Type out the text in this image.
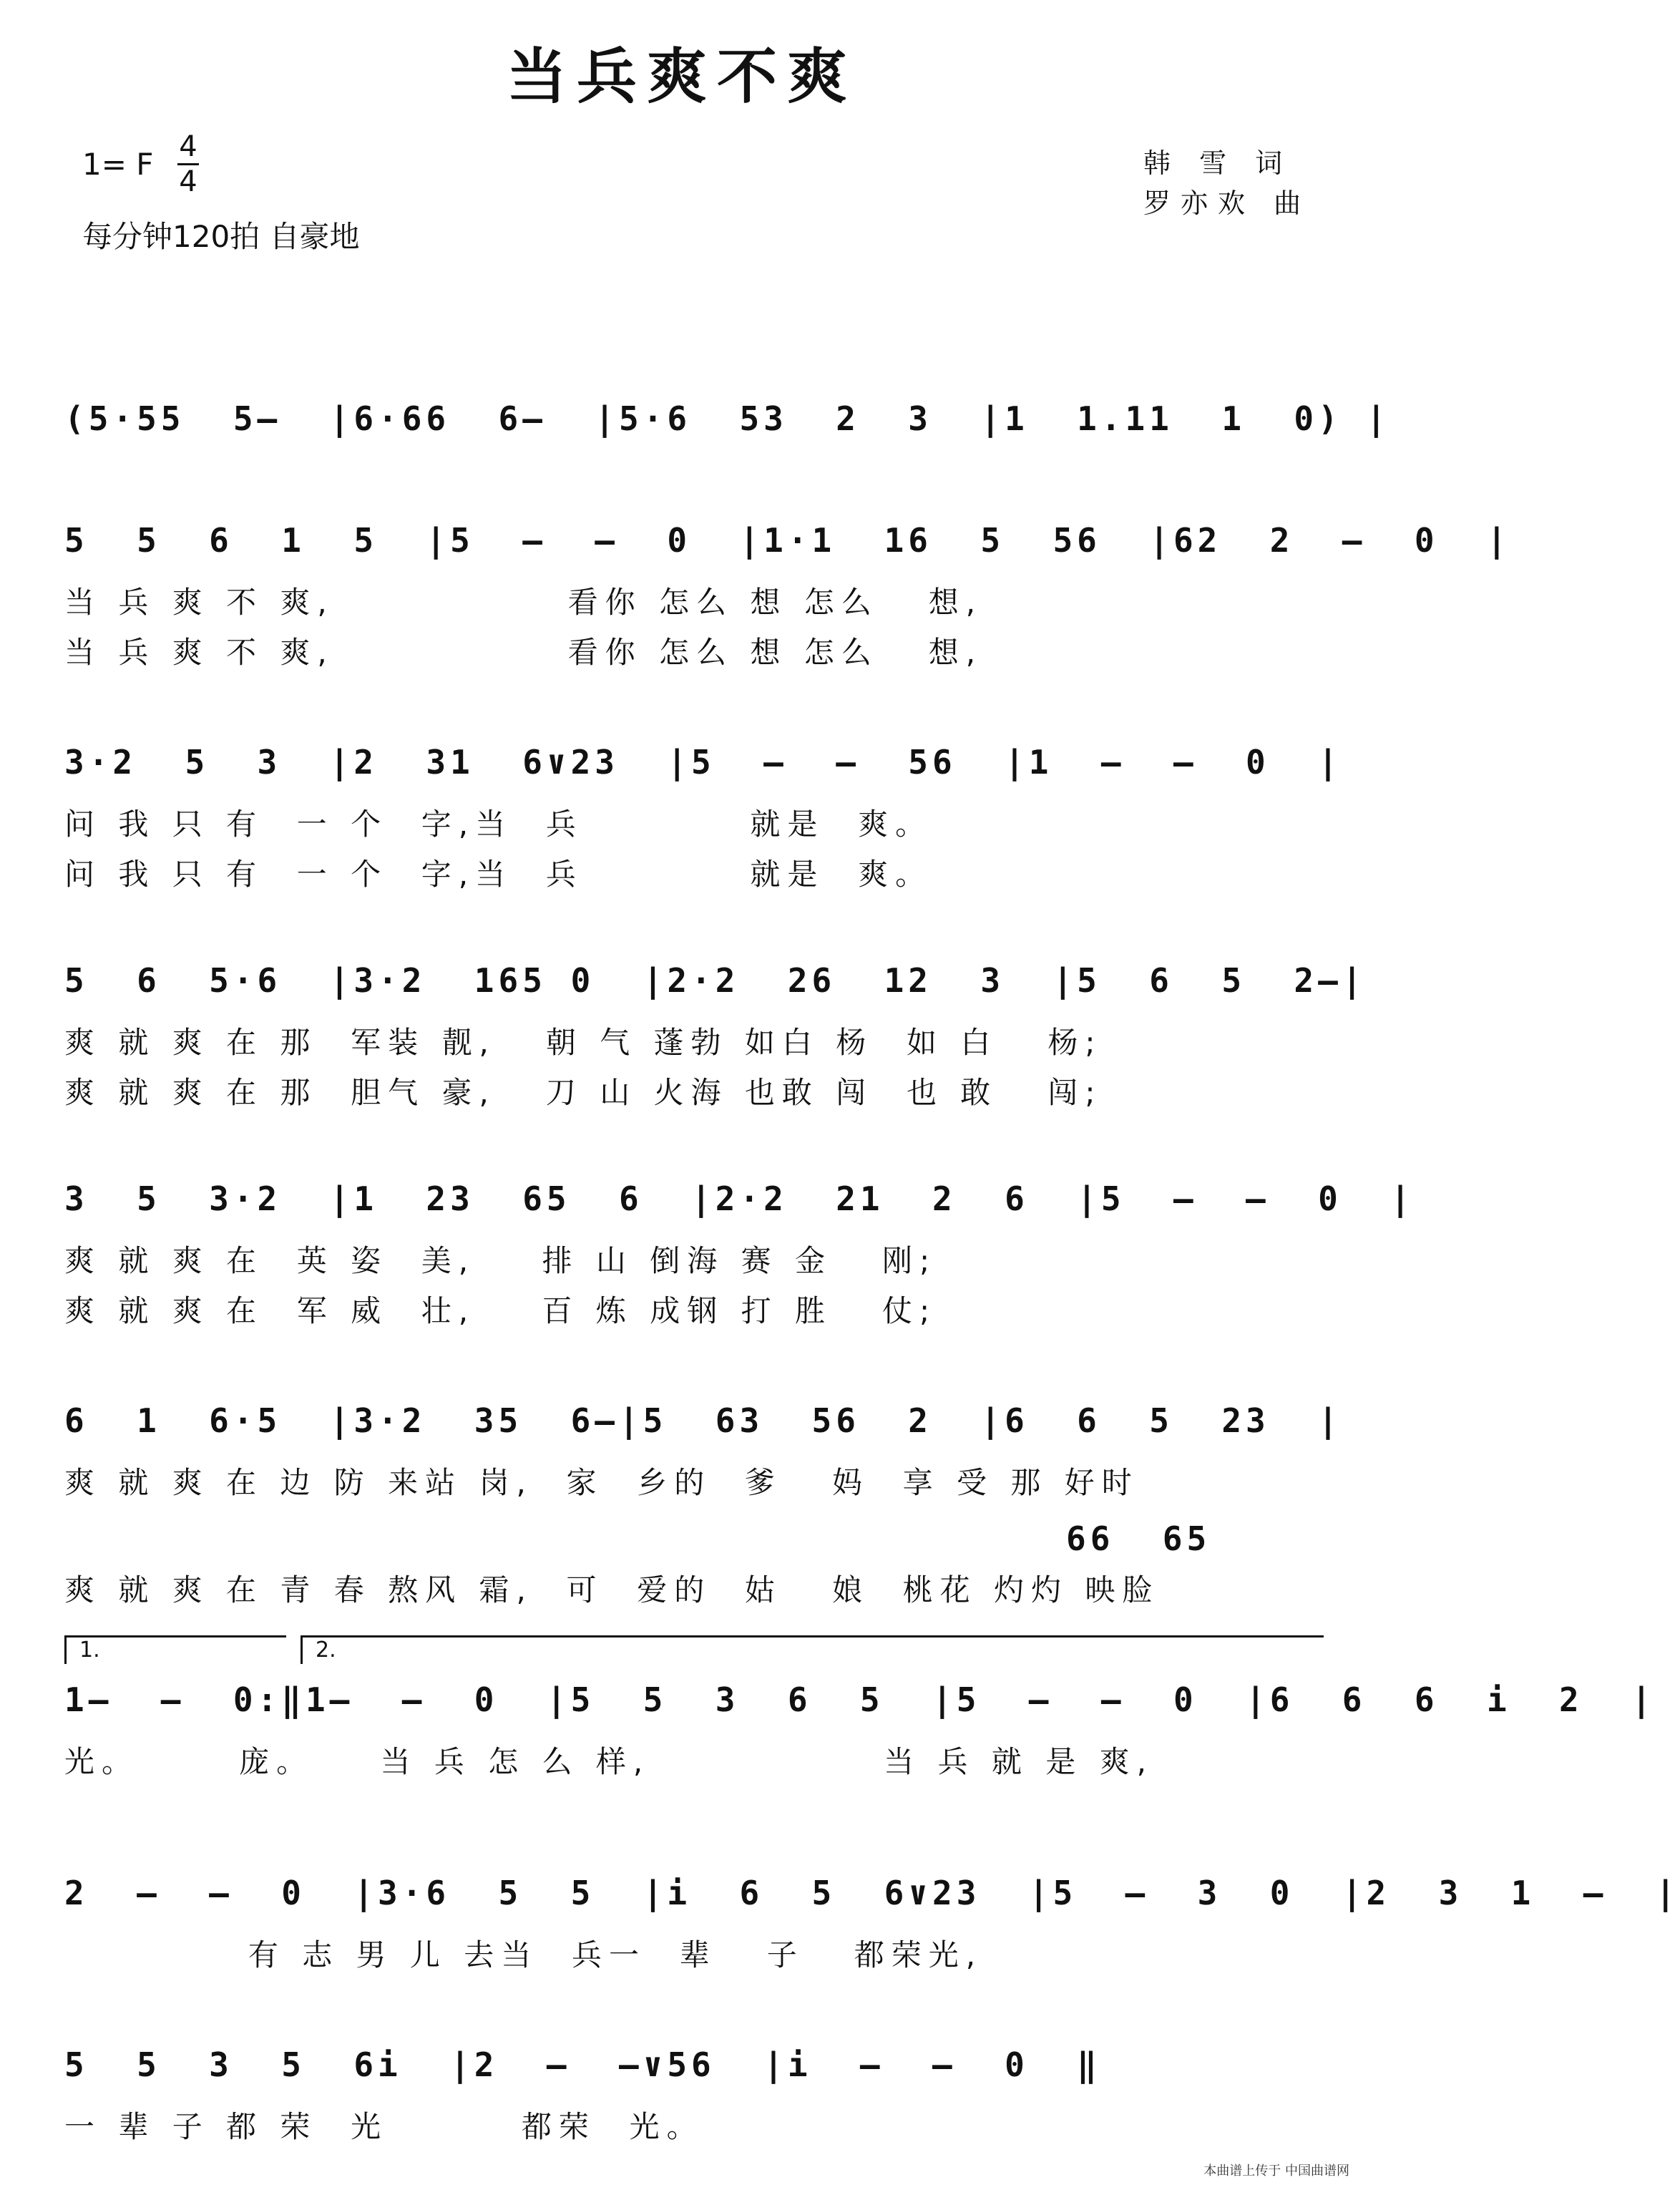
当兵爽不爽
1= F 4
4
每分钟120拍 自豪地
韩 雪 词
罗亦欢 曲
(5·55  5—  |6·66  6—  |5·6  53  2  3  |1  1.11  1  0) |
5  5  6  1  5  |5  —  —  0  |1·1  16  5  56  |62  2  —  0  |
当 兵 爽 不 爽,              看你 怎么 想 怎么   想,
当 兵 爽 不 爽,              看你 怎么 想 怎么   想,
3·2  5  3  |2  31  6∨23  |5  —  —  56  |1  —  —  0  |
问 我 只 有  一 个  字,当  兵          就是  爽。
问 我 只 有  一 个  字,当  兵          就是  爽。
5  6  5·6  |3·2  165 0  |2·2  26  12  3  |5  6  5  2—|
爽 就 爽 在 那  军装 靓,   朝 气 蓬勃 如白 杨  如 白   杨;
爽 就 爽 在 那  胆气 豪,   刀 山 火海 也敢 闯  也 敢   闯;
3  5  3·2  |1  23  65  6  |2·2  21  2  6  |5  —  —  0  |
爽 就 爽 在  英 姿  美,    排 山 倒海 赛 金   刚;
爽 就 爽 在  军 威  壮,    百 炼 成钢 打 胜   仗;
6  1  6·5  |3·2  35  6—|5  63  56  2  |6  6  5  23  |
爽 就 爽 在 边 防 来站 岗,  家  乡的  爹   妈  享 受 那 好时
66  65
爽 就 爽 在 青 春 熬风 霜,  可  爱的  姑   娘  桃花 灼灼 映脸
1.	2.
1—  —  0:‖1—  —  0  |5  5  3  6  5  |5  —  —  0  |6  6  6  i  2  |
光。      庞。    当 兵 怎 么 样,              当 兵 就 是 爽,
2  —  —  0  |3·6  5  5  |i  6  5  6∨23  |5  —  3  0  |2  3  1  —  |
有 志 男 儿 去当  兵一  辈   子   都荣光,
5  5  3  5  6i  |2  —  —∨56  |i  —  —  0  ‖
一 辈 子 都 荣  光        都荣  光。
本曲谱上传于 中国曲谱网
